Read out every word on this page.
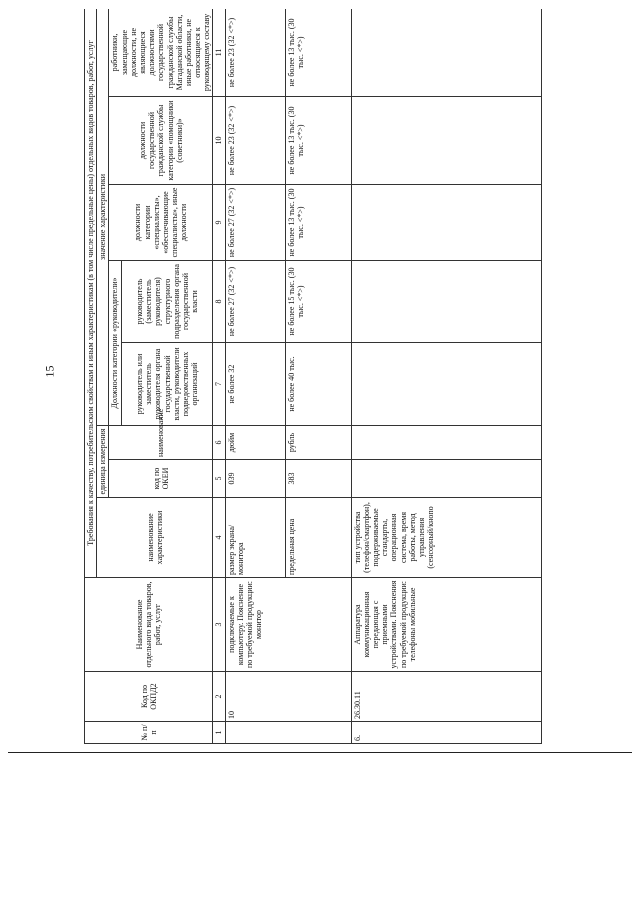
15
№ п/п	Код по ОКПД2	Наименование отдельного вида товаров, работ, услуг	Требования к качеству, потребительским свойствам и иным характеристикам (в том числе предельные цены) отдельных видов товаров, работ, услуг							
			наименование характеристики	единица измерения		значение характеристики				
				код по ОКЕИ	наименование	Должности категории «руководители»		должности категории «специалисты», «обеспечивающие специалисты», иные должности	должности государственной гражданской службы категории «помощники (советники)»	работники, замещающие должности, не являющиеся должностями государственной гражданской службы Магаданской области, иные работники, не относящиеся к руководящему составу
						руководитель или заместитель руководителя органа государственной власти, руководители подведомственных организаций	руководитель (заместитель руководителя) структурного подразделения органа государственной власти			
1	2	3	4	5	6	7	8	9	10	11
	10	подключаемые к компьютеру. Пояснение по требуемой продукции: монитор	размер экрана/монитора	039	дюйм	не более 32	не более 27 (32 <*>)	не более 27 (32 <*>)	не более 23 (32 <*>)	не более 23 (32 <*>)
			предельная цена	383	рубль	не более 40 тыс.	не более 15 тыс. (30 тыс. <*>)	не более 13 тыс. (30 тыс. <*>)	не более 13 тыс. (30 тыс. <*>)	не более 13 тыс. (30 тыс. <*>)
6.	26.30.11	Аппаратура коммуникационная передающая с приемными устройствами. Пояснения по требуемой продукции: телефоны мобильные	тип устройства (телефон/смартфон), поддерживаемые стандарты, операционная система, время работы, метод управления (сенсорный/кнопо							
